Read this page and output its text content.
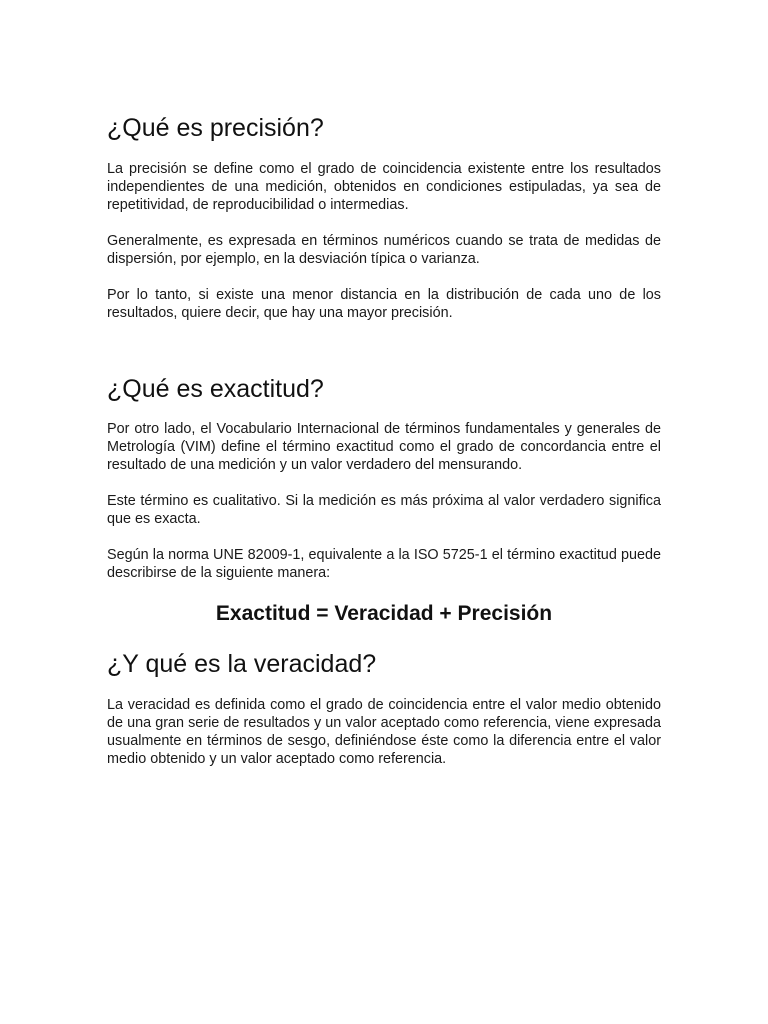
¿Qué es precisión?

La precisión se define como el grado de coincidencia existente entre los resultados independientes de una medición, obtenidos en condiciones estipuladas, ya sea de repetitividad, de reproducibilidad o intermedias.

Generalmente, es expresada en términos numéricos cuando se trata de medidas de dispersión, por ejemplo, en la desviación típica o varianza.

Por lo tanto, si existe una menor distancia en la distribución de cada uno de los resultados, quiere decir, que hay una mayor precisión.

¿Qué es exactitud?

Por otro lado, el Vocabulario Internacional de términos fundamentales y generales de Metrología (VIM) define el término exactitud como el grado de concordancia entre el resultado de una medición y un valor verdadero del mensurando.

Este término es cualitativo. Si la medición es más próxima al valor verdadero significa que es exacta.

Según la norma UNE 82009-1, equivalente a la ISO 5725-1 el término exactitud puede describirse de la siguiente manera:

Exactitud = Veracidad + Precisión
¿Y qué es la veracidad?

La veracidad es definida como el grado de coincidencia entre el valor medio obtenido de una gran serie de resultados y un valor aceptado como referencia, viene expresada usualmente en términos de sesgo, definiéndose éste como la diferencia entre el valor medio obtenido y un valor aceptado como referencia.
